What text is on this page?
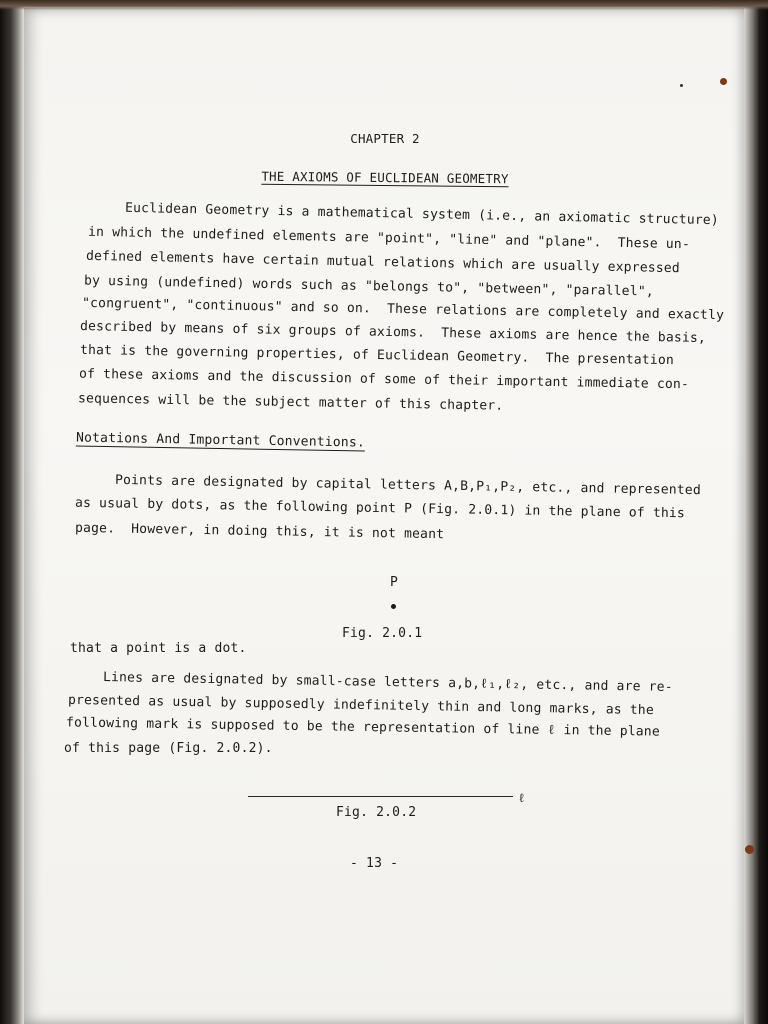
CHAPTER 2
THE AXIOMS OF EUCLIDEAN GEOMETRY
Euclidean Geometry is a mathematical system (i.e., an axiomatic structure)
in which the undefined elements are "point", "line" and "plane".  These un-
defined elements have certain mutual relations which are usually expressed
by using (undefined) words such as "belongs to", "between", "parallel",
"congruent", "continuous" and so on.  These relations are completely and exactly
described by means of six groups of axioms.  These axioms are hence the basis,
that is the governing properties, of Euclidean Geometry.  The presentation
of these axioms and the discussion of some of their important immediate con-
sequences will be the subject matter of this chapter.
Notations And Important Conventions.
Points are designated by capital letters A,B,P₁,P₂, etc., and represented
as usual by dots, as the following point P (Fig. 2.0.1) in the plane of this
page.  However, in doing this, it is not meant
P
Fig. 2.0.1
that a point is a dot.
Lines are designated by small-case letters a,b,ℓ₁,ℓ₂, etc., and are re-
presented as usual by supposedly indefinitely thin and long marks, as the
following mark is supposed to be the representation of line ℓ in the plane
of this page (Fig. 2.0.2).
ℓ
Fig. 2.0.2
- 13 -
